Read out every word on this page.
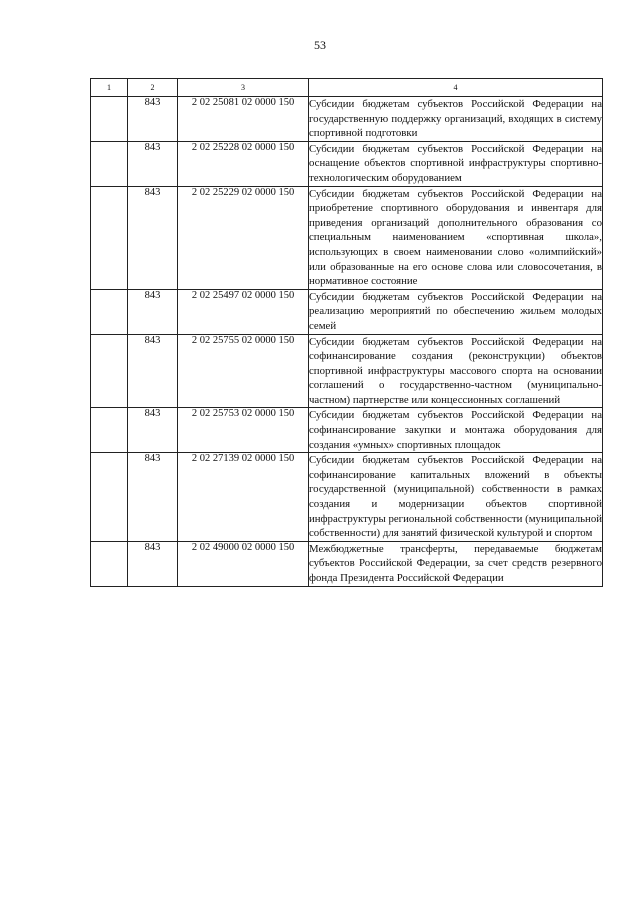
53
1	2	3	4
	843	2 02 25081 02 0000 150	Субсидии бюджетам субъектов Российской Федерации на государственную поддержку организаций, входящих в систему спортивной подготовки
	843	2 02 25228 02 0000 150	Субсидии бюджетам субъектов Российской Федерации на оснащение объектов спортивной инфраструктуры спортивно-технологическим оборудованием
	843	2 02 25229 02 0000 150	Субсидии бюджетам субъектов Российской Федерации на приобретение спортивного оборудования и инвентаря для приведения организаций дополнительного образования со специальным наименованием «спортивная школа», использующих в своем наименовании слово «олимпийский» или образованные на его основе слова или словосочетания, в нормативное состояние
	843	2 02 25497 02 0000 150	Субсидии бюджетам субъектов Российской Федерации на реализацию мероприятий по обеспечению жильем молодых семей
	843	2 02 25755 02 0000 150	Субсидии бюджетам субъектов Российской Федерации на софинансирование создания (реконструкции) объектов спортивной инфраструктуры массового спорта на основании соглашений о государственно-частном (муниципально-частном) партнерстве или концессионных соглашений
	843	2 02 25753 02 0000 150	Субсидии бюджетам субъектов Российской Федерации на софинансирование закупки и монтажа оборудования для создания «умных» спортивных площадок
	843	2 02 27139 02 0000 150	Субсидии бюджетам субъектов Российской Федерации на софинансирование капитальных вложений в объекты государственной (муниципальной) собственности в рамках создания и модернизации объектов спортивной инфраструктуры региональной собственности (муниципальной собственности) для занятий физической культурой и спортом
	843	2 02 49000 02 0000 150	Межбюджетные трансферты, передаваемые бюджетам субъектов Российской Федерации, за счет средств резервного фонда Президента Российской Федерации
